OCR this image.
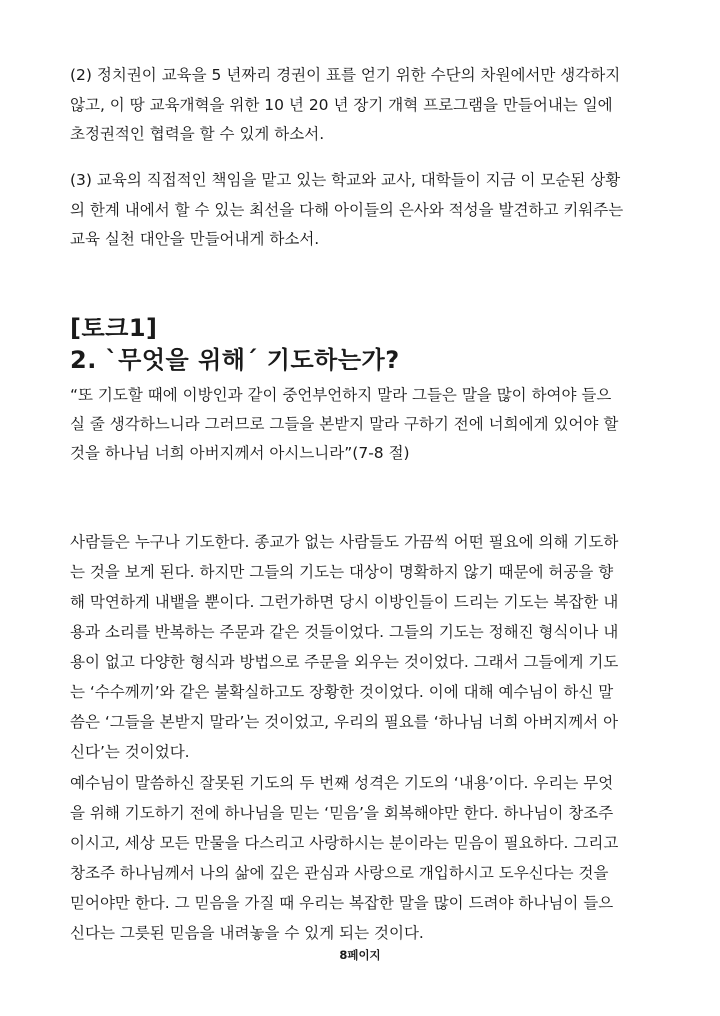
(2) 정치권이 교육을 5 년짜리 경권이 표를 얻기 위한 수단의 차원에서만 생각하지
않고, 이 땅 교육개혁을 위한 10 년 20 년 장기 개혁 프로그램을 만들어내는 일에
초정권적인 협력을 할 수 있게 하소서.

(3) 교육의 직접적인 책임을 맡고 있는 학교와 교사, 대학들이 지금 이 모순된 상황
의 한계 내에서 할 수 있는 최선을 다해 아이들의 은사와 적성을 발견하고 키워주는
교육 실천 대안을 만들어내게 하소서.

[토크1]
2. `무엇을 위해´ 기도하는가?

“또 기도할 때에 이방인과 같이 중언부언하지 말라 그들은 말을 많이 하여야 들으
실 줄 생각하느니라 그러므로 그들을 본받지 말라 구하기 전에 너희에게 있어야 할
것을 하나님 너희 아버지께서 아시느니라”(7-8 절)

사람들은 누구나 기도한다. 종교가 없는 사람들도 가끔씩 어떤 필요에 의해 기도하
는 것을 보게 된다. 하지만 그들의 기도는 대상이 명확하지 않기 때문에 허공을 향
해 막연하게 내뱉을 뿐이다. 그런가하면 당시 이방인들이 드리는 기도는 복잡한 내
용과 소리를 반복하는 주문과 같은 것들이었다. 그들의 기도는 정해진 형식이나 내
용이 없고 다양한 형식과 방법으로 주문을 외우는 것이었다. 그래서 그들에게 기도
는 ‘수수께끼’와 같은 불확실하고도 장황한 것이었다. 이에 대해 예수님이 하신 말
씀은 ‘그들을 본받지 말라’는 것이었고, 우리의 필요를 ‘하나님 너희 아버지께서 아
신다’는 것이었다.

예수님이 말씀하신 잘못된 기도의 두 번째 성격은 기도의 ‘내용’이다. 우리는 무엇
을 위해 기도하기 전에 하나님을 믿는 ‘믿음’을 회복해야만 한다. 하나님이 창조주
이시고, 세상 모든 만물을 다스리고 사랑하시는 분이라는 믿음이 필요하다. 그리고
창조주 하나님께서 나의 삶에 깊은 관심과 사랑으로 개입하시고 도우신다는 것을
믿어야만 한다. 그 믿음을 가질 때 우리는 복잡한 말을 많이 드려야 하나님이 들으
신다는 그릇된 믿음을 내려놓을 수 있게 되는 것이다.

8페이지
